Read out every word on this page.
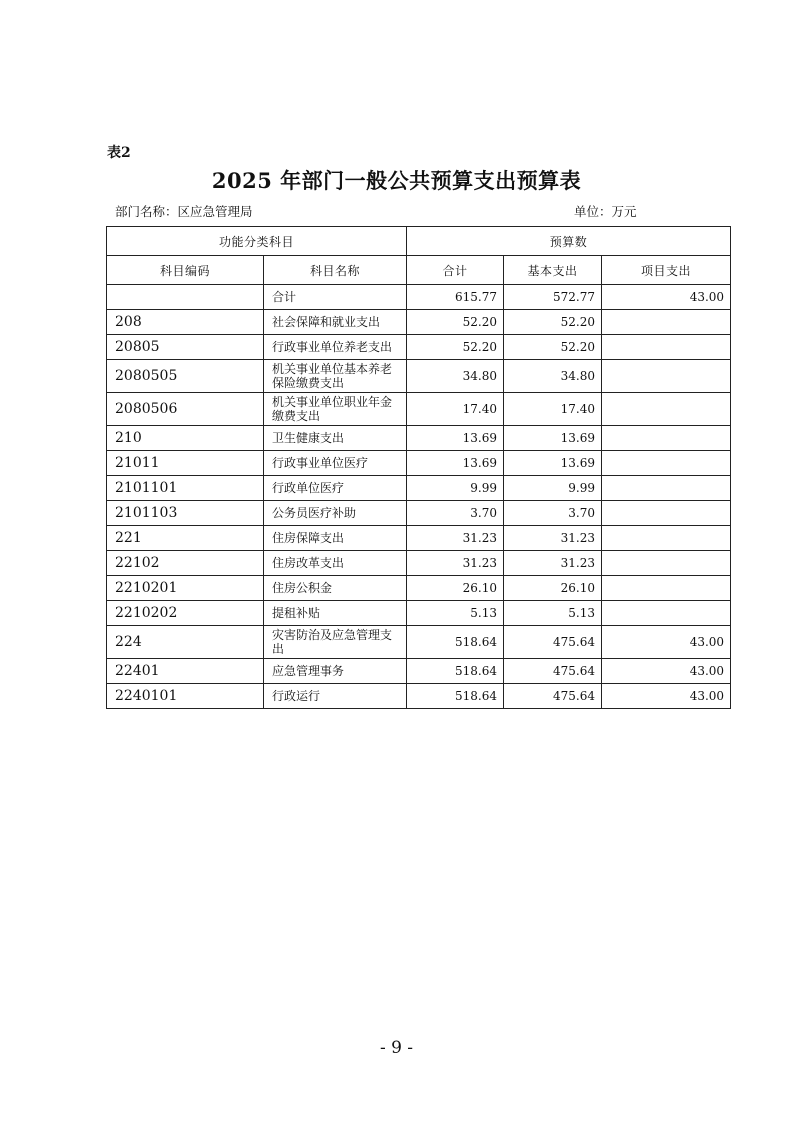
表2

2025 年部门一般公共预算支出预算表

部门名称：区应急管理局	单位：万元

功能分类科目		预算数		
科目编码	科目名称	合计	基本支出	项目支出
	合计	615.77	572.77	43.00
208	社会保障和就业支出	52.20	52.20	
20805	行政事业单位养老支出	52.20	52.20	
2080505	机关事业单位基本养老保险缴费支出	34.80	34.80	
2080506	机关事业单位职业年金缴费支出	17.40	17.40	
210	卫生健康支出	13.69	13.69	
21011	行政事业单位医疗	13.69	13.69	
2101101	行政单位医疗	9.99	9.99	
2101103	公务员医疗补助	3.70	3.70	
221	住房保障支出	31.23	31.23	
22102	住房改革支出	31.23	31.23	
2210201	住房公积金	26.10	26.10	
2210202	提租补贴	5.13	5.13	
224	灾害防治及应急管理支出	518.64	475.64	43.00
22401	应急管理事务	518.64	475.64	43.00
2240101	行政运行	518.64	475.64	43.00

- 9 -
